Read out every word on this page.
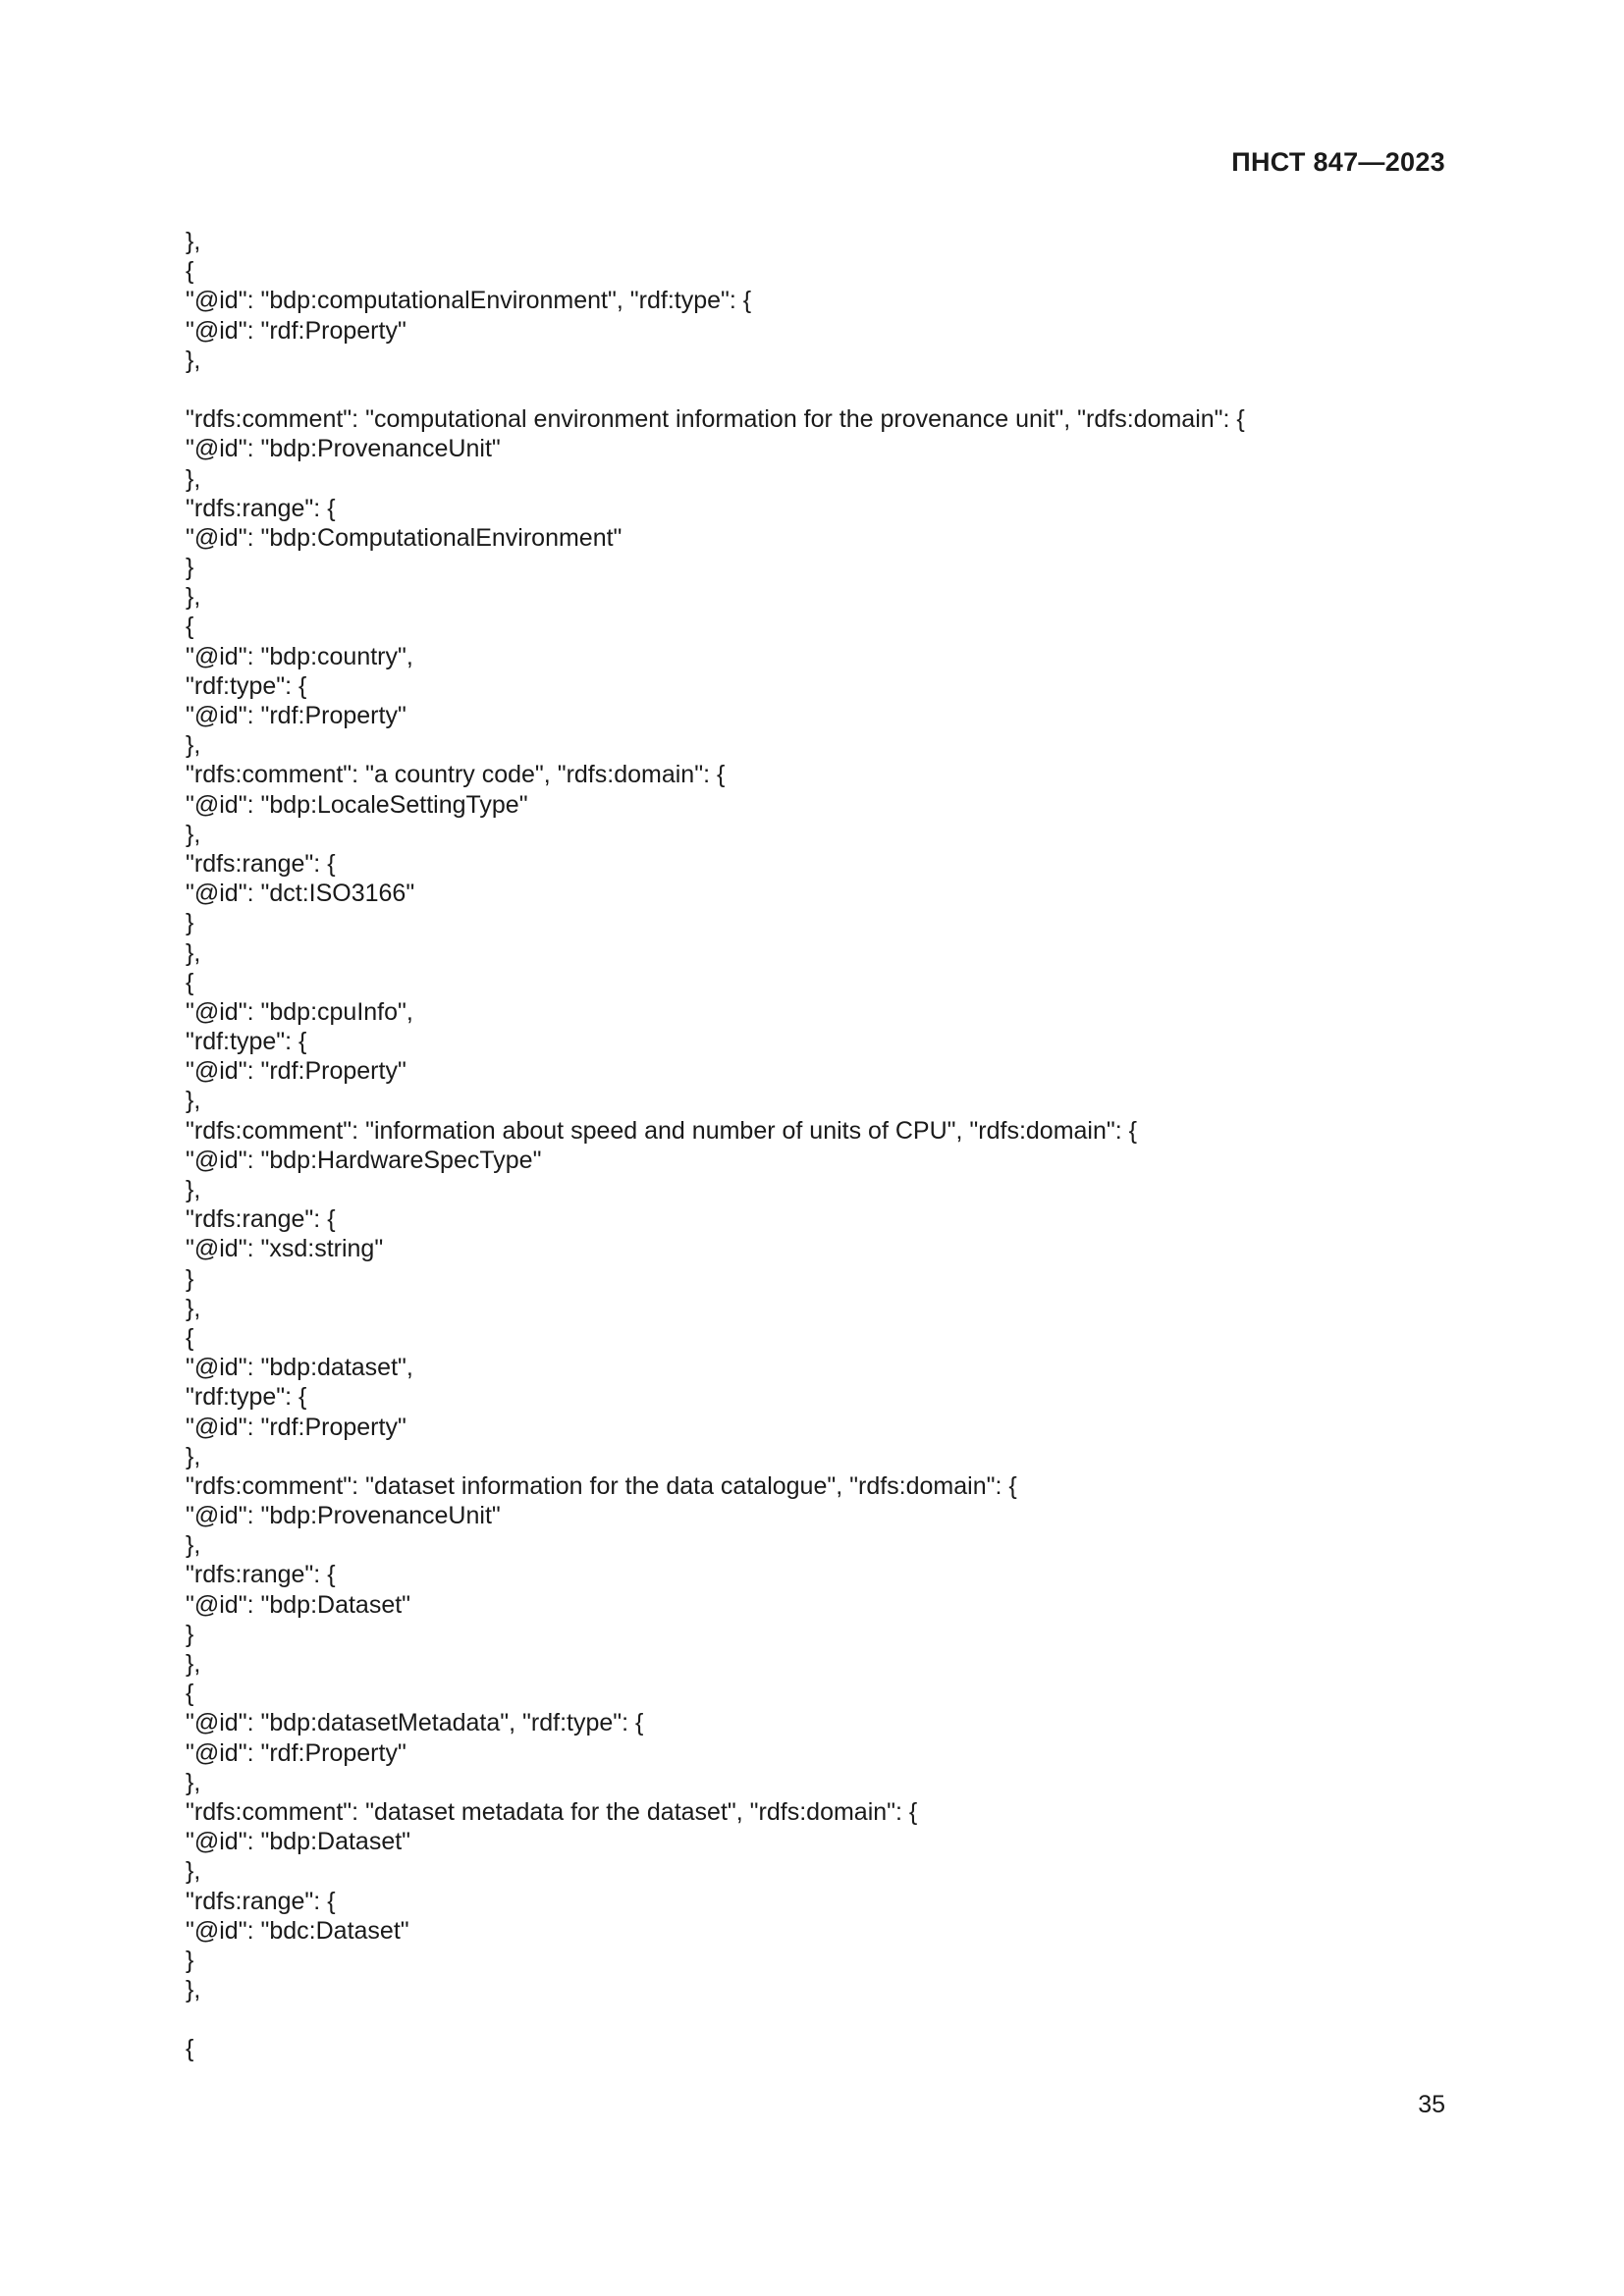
ПНСТ 847—2023
},
{
"@id": "bdp:computationalEnvironment", "rdf:type": {
"@id": "rdf:Property"
},
"rdfs:comment": "computational environment information for the provenance unit", "rdfs:domain": {
"@id": "bdp:ProvenanceUnit"
},
"rdfs:range": {
"@id": "bdp:ComputationalEnvironment"
}
},
{
"@id": "bdp:country",
"rdf:type": {
"@id": "rdf:Property"
},
"rdfs:comment": "a country code", "rdfs:domain": {
"@id": "bdp:LocaleSettingType"
},
"rdfs:range": {
"@id": "dct:ISO3166"
}
},
{
"@id": "bdp:cpuInfo",
"rdf:type": {
"@id": "rdf:Property"
},
"rdfs:comment": "information about speed and number of units of CPU", "rdfs:domain": {
"@id": "bdp:HardwareSpecType"
},
"rdfs:range": {
"@id": "xsd:string"
}
},
{
"@id": "bdp:dataset",
"rdf:type": {
"@id": "rdf:Property"
},
"rdfs:comment": "dataset information for the data catalogue", "rdfs:domain": {
"@id": "bdp:ProvenanceUnit"
},
"rdfs:range": {
"@id": "bdp:Dataset"
}
},
{
"@id": "bdp:datasetMetadata", "rdf:type": {
"@id": "rdf:Property"
},
"rdfs:comment": "dataset metadata for the dataset", "rdfs:domain": {
"@id": "bdp:Dataset"
},
"rdfs:range": {
"@id": "bdc:Dataset"
}
},
{
35
